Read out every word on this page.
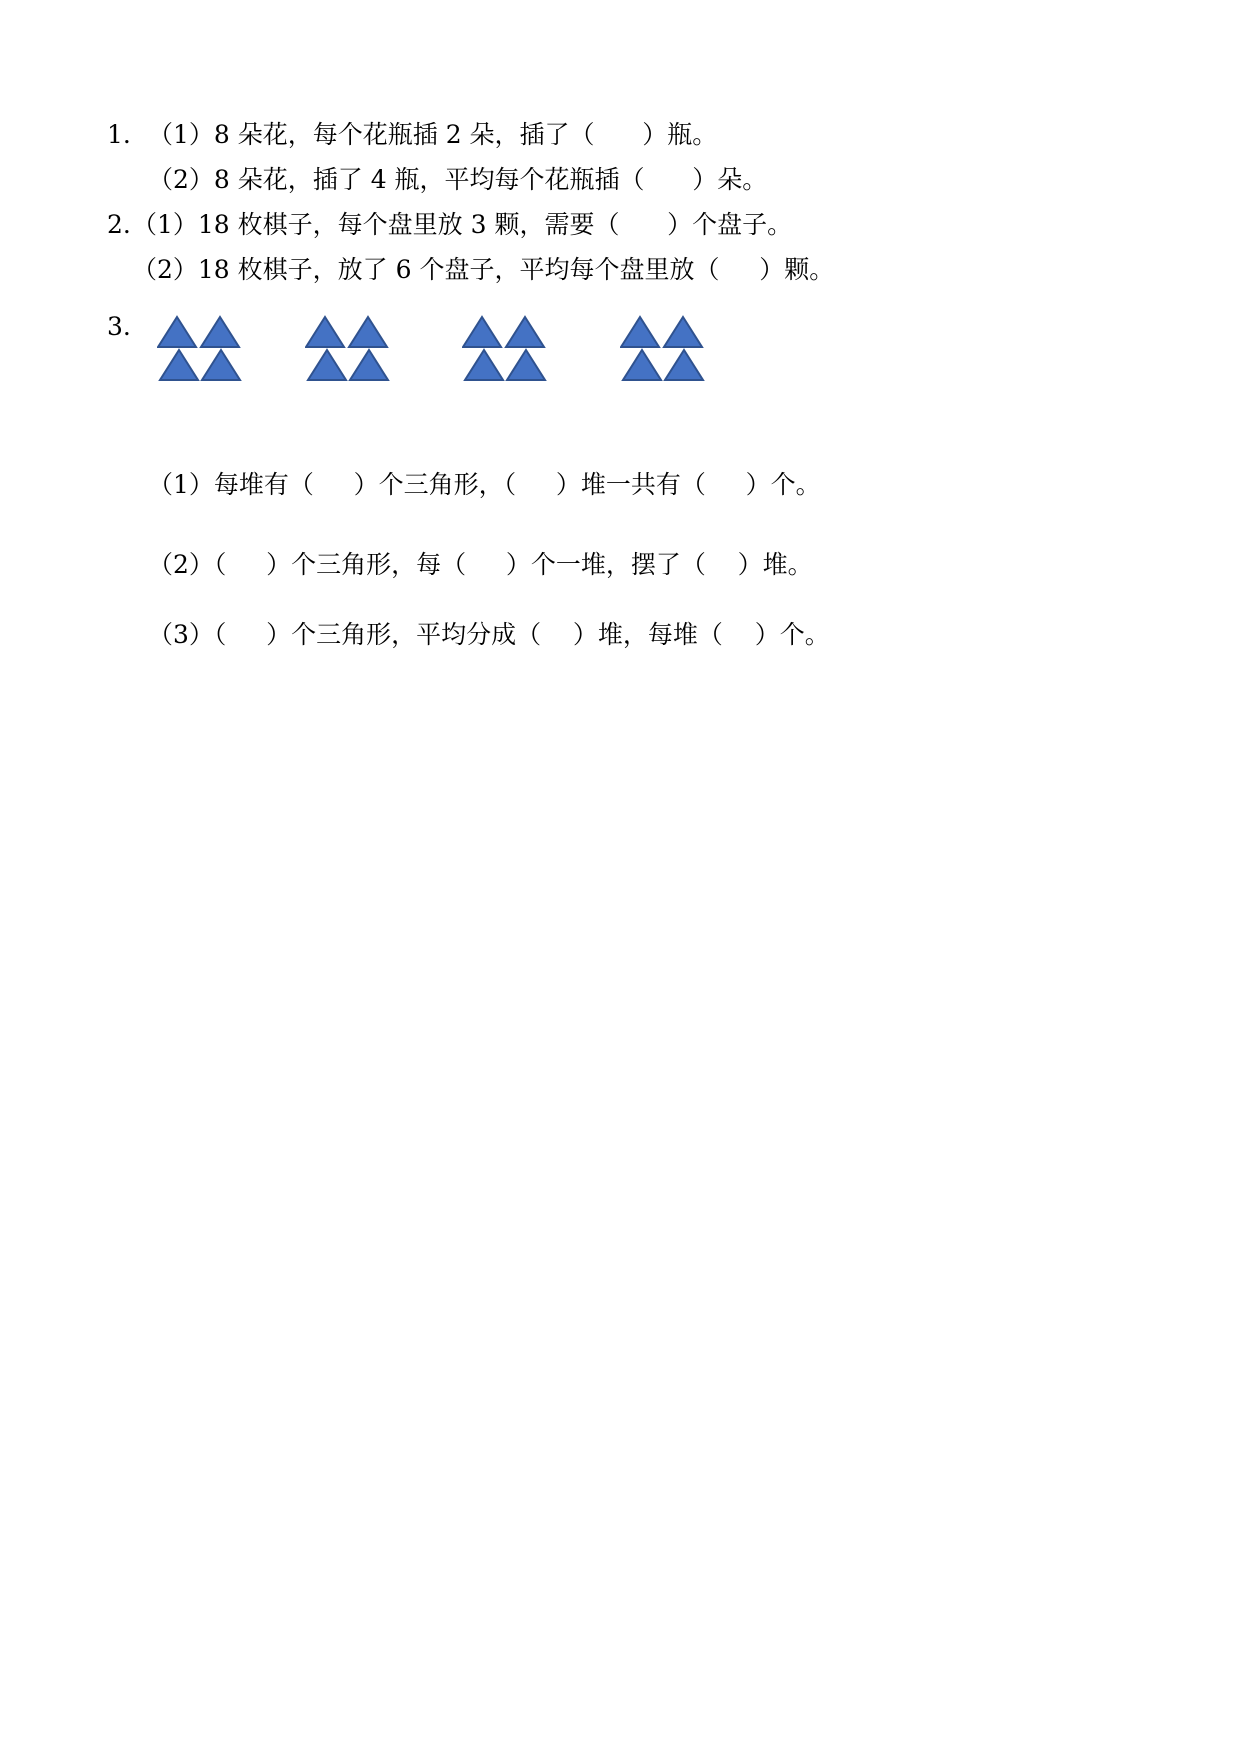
1. （1）8 朵花，每个花瓶插 2 朵，插了（      ）瓶。
（2）8 朵花，插了 4 瓶，平均每个花瓶插（      ）朵。
2. （1）18 枚棋子，每个盘里放 3 颗，需要（      ）个盘子。
（2）18 枚棋子，放了 6 个盘子，平均每个盘里放（     ）颗。
3.
（1）每堆有（     ）个三角形，（     ）堆一共有（     ）个。
（2）（     ）个三角形，每（     ）个一堆，摆了（    ）堆。
（3）（     ）个三角形，平均分成（    ）堆，每堆（    ）个。
